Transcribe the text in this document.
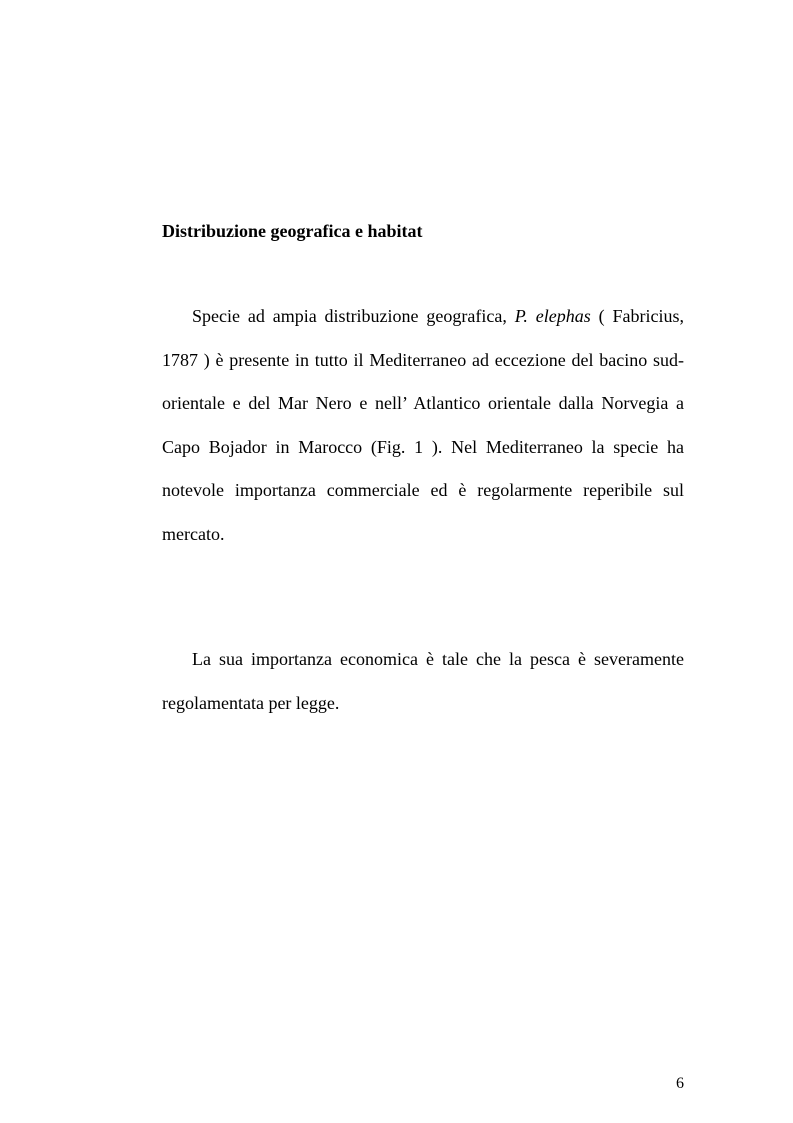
Distribuzione geografica e habitat

Specie ad ampia distribuzione geografica, P. elephas ( Fabricius, 1787 ) è presente in tutto il Mediterraneo ad eccezione del bacino sud-orientale e del Mar Nero e nell’ Atlantico orientale dalla Norvegia a Capo Bojador in Marocco (Fig. 1 ). Nel Mediterraneo la specie ha notevole importanza commerciale ed è regolarmente reperibile sul mercato.

La sua importanza economica è tale che la pesca è severamente regolamentata per legge.

6
